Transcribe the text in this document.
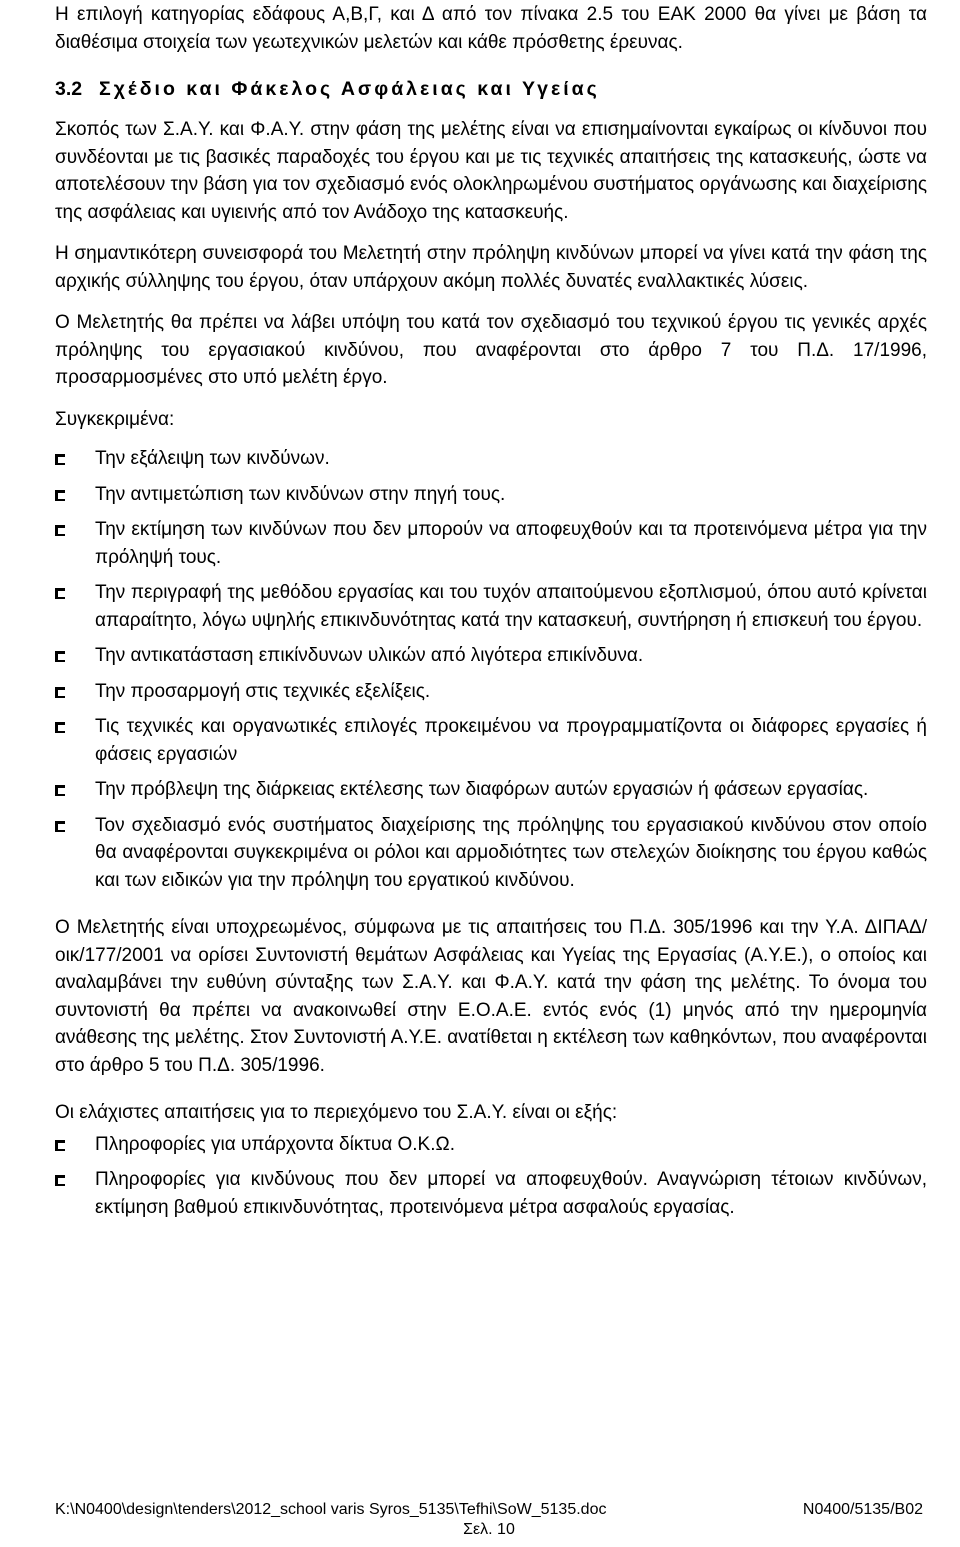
Η επιλογή κατηγορίας εδάφους Α,Β,Γ, και Δ από τον πίνακα 2.5 του ΕΑΚ 2000 θα γίνει με βάση τα διαθέσιμα στοιχεία των γεωτεχνικών μελετών και κάθε πρόσθετης έρευνας.

3.2 Σχέδιο και Φάκελος Ασφάλειας και Υγείας

Σκοπός των Σ.Α.Υ. και Φ.Α.Υ. στην φάση της μελέτης είναι να επισημαίνονται εγκαίρως οι κίνδυνοι που συνδέονται με τις βασικές παραδοχές του έργου και με τις τεχνικές απαιτήσεις της κατασκευής, ώστε να αποτελέσουν την βάση για τον σχεδιασμό ενός ολοκληρωμένου συστήματος οργάνωσης και διαχείρισης της ασφάλειας και υγιεινής από τον Ανάδοχο της κατασκευής.

Η σημαντικότερη συνεισφορά του Μελετητή στην πρόληψη κινδύνων μπορεί να γίνει κατά την φάση της αρχικής σύλληψης του έργου, όταν υπάρχουν ακόμη πολλές δυνατές εναλλακτικές λύσεις.

Ο Μελετητής θα πρέπει να λάβει υπόψη του κατά τον σχεδιασμό του τεχνικού έργου τις γενικές αρχές πρόληψης του εργασιακού κινδύνου, που αναφέρονται στο άρθρο 7 του Π.Δ. 17/1996, προσαρμοσμένες στο υπό μελέτη έργο.

Συγκεκριμένα:

Την εξάλειψη των κινδύνων.
Την αντιμετώπιση των κινδύνων στην πηγή τους.
Την εκτίμηση των κινδύνων που δεν μπορούν να αποφευχθούν και τα προτεινόμενα μέτρα για την πρόληψή τους.
Την περιγραφή της μεθόδου εργασίας και του τυχόν απαιτούμενου εξοπλισμού, όπου αυτό κρίνεται απαραίτητο, λόγω υψηλής επικινδυνότητας κατά την κατασκευή, συντήρηση ή επισκευή του έργου.
Την αντικατάσταση επικίνδυνων υλικών από λιγότερα επικίνδυνα.
Την προσαρμογή στις τεχνικές εξελίξεις.
Τις τεχνικές και οργανωτικές επιλογές προκειμένου να προγραμματίζοντα οι διάφορες εργασίες ή φάσεις εργασιών
Την πρόβλεψη της διάρκειας εκτέλεσης των διαφόρων αυτών εργασιών ή φάσεων εργασίας.
Τον σχεδιασμό ενός συστήματος διαχείρισης της πρόληψης του εργασιακού κινδύνου στον οποίο θα αναφέρονται συγκεκριμένα οι ρόλοι και αρμοδιότητες των στελεχών διοίκησης του έργου καθώς και των ειδικών για την πρόληψη του εργατικού κινδύνου.

Ο Μελετητής είναι υποχρεωμένος, σύμφωνα με τις απαιτήσεις του Π.Δ. 305/1996 και την Υ.Α. ΔΙΠΑΔ/οικ/177/2001 να ορίσει Συντονιστή θεμάτων Ασφάλειας και Υγείας της Εργασίας (Α.Υ.Ε.), ο οποίος και αναλαμβάνει την ευθύνη σύνταξης των Σ.Α.Υ. και Φ.Α.Υ. κατά την φάση της μελέτης. Το όνομα του συντονιστή θα πρέπει να ανακοινωθεί στην Ε.Ο.Α.Ε. εντός ενός (1) μηνός από την ημερομηνία ανάθεσης της μελέτης. Στον Συντονιστή Α.Υ.Ε. ανατίθεται η εκτέλεση των καθηκόντων, που αναφέρονται στο άρθρο 5 του Π.Δ. 305/1996.

Οι ελάχιστες απαιτήσεις για το περιεχόμενο του Σ.Α.Υ. είναι οι εξής:

Πληροφορίες για υπάρχοντα δίκτυα Ο.Κ.Ω.
Πληροφορίες για κινδύνους που δεν μπορεί να αποφευχθούν. Αναγνώριση τέτοιων κινδύνων, εκτίμηση βαθμού επικινδυνότητας, προτεινόμενα μέτρα ασφαλούς εργασίας.
K:\N0400\design\tenders\2012_school varis Syros_5135\Tefhi\SoW_5135.doc	N0400/5135/B02
Σελ. 10
